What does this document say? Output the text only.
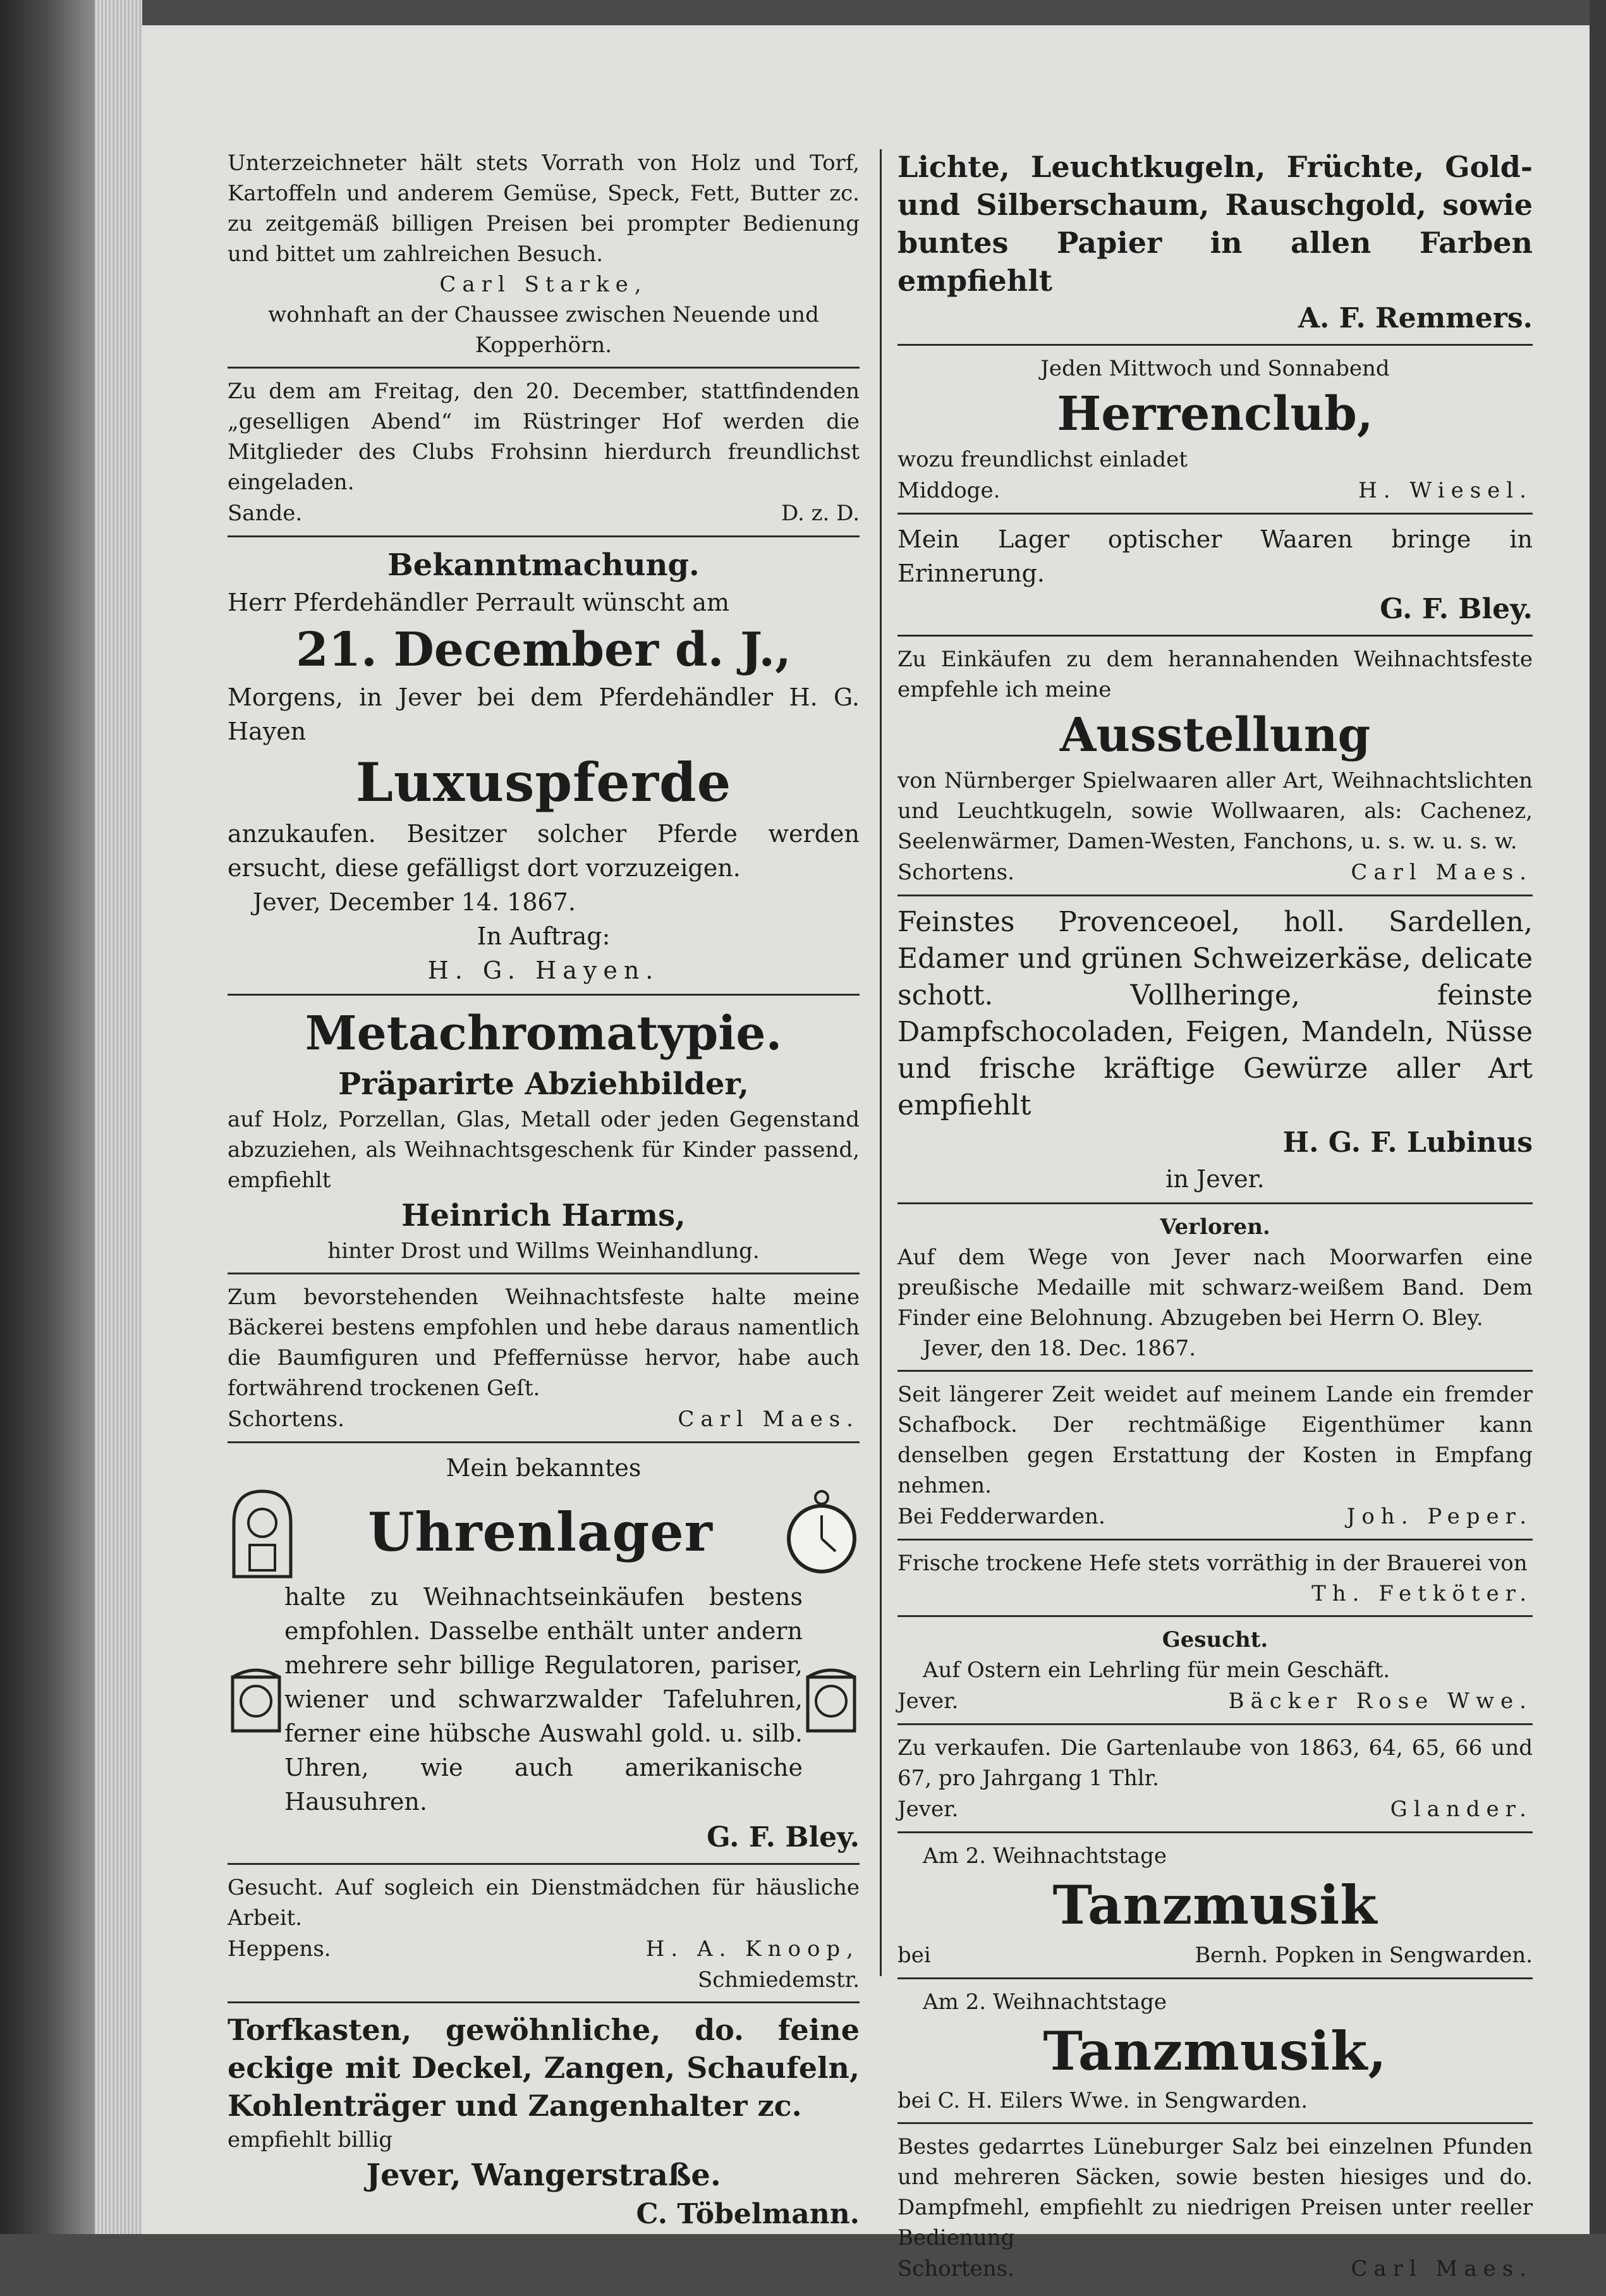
Unterzeichneter hält stets Vorrath von Holz und Torf, Kartoffeln und anderem Gemüse, Speck, Fett, Butter zc. zu zeitgemäß billigen Preisen bei prompter Bedienung und bittet um zahlreichen Besuch.

Carl Starke,

wohnhaft an der Chaussee zwischen Neuende und Kopperhörn.

Zu dem am Freitag, den 20. December, stattfindenden „geselligen Abend“ im Rüstringer Hof werden die Mitglieder des Clubs Frohsinn hierdurch freundlichst eingeladen.

Sande.	D. z. D.

Bekanntmachung.

Herr Pferdehändler Perrault wünscht am

21. December d. J.,

Morgens, in Jever bei dem Pferdehändler H. G. Hayen

Luxuspferde

anzukaufen. Besitzer solcher Pferde werden ersucht, diese gefälligst dort vorzuzeigen.

Jever, December 14. 1867.

In Auftrag:

H. G. Hayen.

Metachromatypie.

Präparirte Abziehbilder,

auf Holz, Porzellan, Glas, Metall oder jeden Gegenstand abzuziehen, als Weihnachtsgeschenk für Kinder passend, empfiehlt

Heinrich Harms,

hinter Drost und Willms Weinhandlung.

Zum bevorstehenden Weihnachtsfeste halte meine Bäckerei bestens empfohlen und hebe daraus namentlich die Baumfiguren und Pfeffernüsse hervor, habe auch fortwährend trockenen Geſt.

Schortens.	Carl Maes.

Mein bekanntes

Uhrenlager

halte zu Weihnachtseinkäufen bestens empfohlen. Dasselbe enthält unter andern mehrere sehr billige Regulatoren, pariser, wiener und schwarzwalder Tafeluhren, ferner eine hübsche Auswahl gold. u. silb. Uhren, wie auch amerikanische Hausuhren.

G. F. Bley.

Gesucht. Auf sogleich ein Dienstmädchen für häusliche Arbeit.

Heppens.	H. A. Knoop,

Schmiedemstr.

Torfkasten, gewöhnliche, do. feine eckige mit Deckel, Zangen, Schaufeln, Kohlenträger und Zangenhalter zc.

empfiehlt billig

Jever, Wangerstraße.

C. Töbelmann.

Lichte, Leuchtkugeln, Früchte, Gold- und Silberschaum, Rauschgold, sowie buntes Papier in allen Farben empfiehlt

A. F. Remmers.

Jeden Mittwoch und Sonnabend

Herrenclub,

wozu freundlichst einladet

Middoge.	H. Wiesel.

Mein Lager optischer Waaren bringe in Erinnerung.

G. F. Bley.

Zu Einkäufen zu dem herannahenden Weihnachtsfeste empfehle ich meine

Ausstellung

von Nürnberger Spielwaaren aller Art, Weihnachtslichten und Leuchtkugeln, sowie Wollwaaren, als: Cachenez, Seelenwärmer, Damen-Westen, Fanchons, u. s. w. u. s. w.

Schortens.	Carl Maes.

Feinstes Provenceoel, holl. Sardellen, Edamer und grünen Schweizerkäse, delicate schott. Vollheringe, feinste Dampfschocoladen, Feigen, Mandeln, Nüsse und frische kräftige Gewürze aller Art empfiehlt

H. G. F. Lubinus

in Jever.

Verloren.

Auf dem Wege von Jever nach Moorwarfen eine preußische Medaille mit schwarz-weißem Band. Dem Finder eine Belohnung. Abzugeben bei Herrn O. Bley.

Jever, den 18. Dec. 1867.

Seit längerer Zeit weidet auf meinem Lande ein fremder Schafbock. Der rechtmäßige Eigenthümer kann denselben gegen Erstattung der Kosten in Empfang nehmen.

Bei Fedderwarden.	Joh. Peper.

Frische trockene Hefe stets vorräthig in der Brauerei von

Th. Fetköter.

Gesucht.

Auf Ostern ein Lehrling für mein Geschäft.

Jever.	Bäcker Rose Wwe.

Zu verkaufen. Die Gartenlaube von 1863, 64, 65, 66 und 67, pro Jahrgang 1 Thlr.

Jever.	Glander.

Am 2. Weihnachtstage

Tanzmusik

bei	Bernh. Popken in Sengwarden.

Am 2. Weihnachtstage

Tanzmusik,

bei C. H. Eilers Wwe. in Sengwarden.

Bestes gedarrtes Lüneburger Salz bei einzelnen Pfunden und mehreren Säcken, sowie besten hiesiges und do. Dampfmehl, empfiehlt zu niedrigen Preisen unter reeller Bedienung

Schortens.	Carl Maes.
